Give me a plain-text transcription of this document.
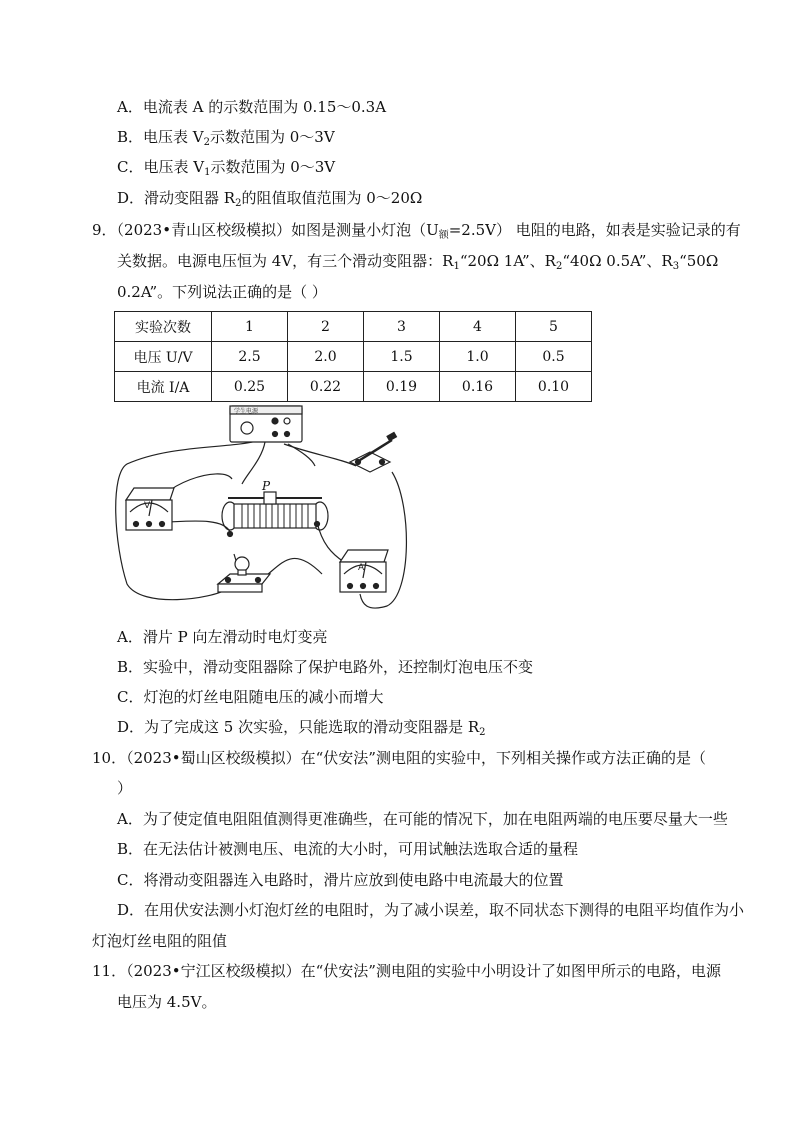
A．电流表 A 的示数范围为 0.15～0.3A
B．电压表 $V_2$示数范围为 0～3V
C．电压表 $V_1$示数范围为 0～3V
D．滑动变阻器 $R_2$的阻值取值范围为 0～20Ω
9．（2023•青山区校级模拟）如图是测量小灯泡$(U_额=2.5V)$ 电阻的电路，如表是实验记录的有
关数据。电源电压恒为 4V，有三个滑动变阻器：$R_1“20\Omega$ 1A”、$R_2“40\Omega$ 0.5A”、$R_3“50\Omega$
0.2A”。下列说法正确的是（ ）
实验次数	1	2	3	4	5
电压 U/V	2.5	2.0	1.5	1.0	0.5
电流 I/A	0.25	0.22	0.19	0.16	0.10
学生电源
V
P
A
A．滑片 P 向左滑动时电灯变亮
B．实验中，滑动变阻器除了保护电路外，还控制灯泡电压不变
C．灯泡的灯丝电阻随电压的减小而增大
D．为了完成这 5 次实验，只能选取的滑动变阻器是 $R_2$
10．（2023•蜀山区校级模拟）在“伏安法”测电阻的实验中，下列相关操作或方法正确的是（
）
A．为了使定值电阻阻值测得更准确些，在可能的情况下，加在电阻两端的电压要尽量大一些
B．在无法估计被测电压、电流的大小时，可用试触法选取合适的量程
C．将滑动变阻器连入电路时，滑片应放到使电路中电流最大的位置
D．在用伏安法测小灯泡灯丝的电阻时，为了减小误差，取不同状态下测得的电阻平均值作为小
灯泡灯丝电阻的阻值
11．（2023•宁江区校级模拟）在“伏安法”测电阻的实验中小明设计了如图甲所示的电路，电源
电压为 4.5V。
